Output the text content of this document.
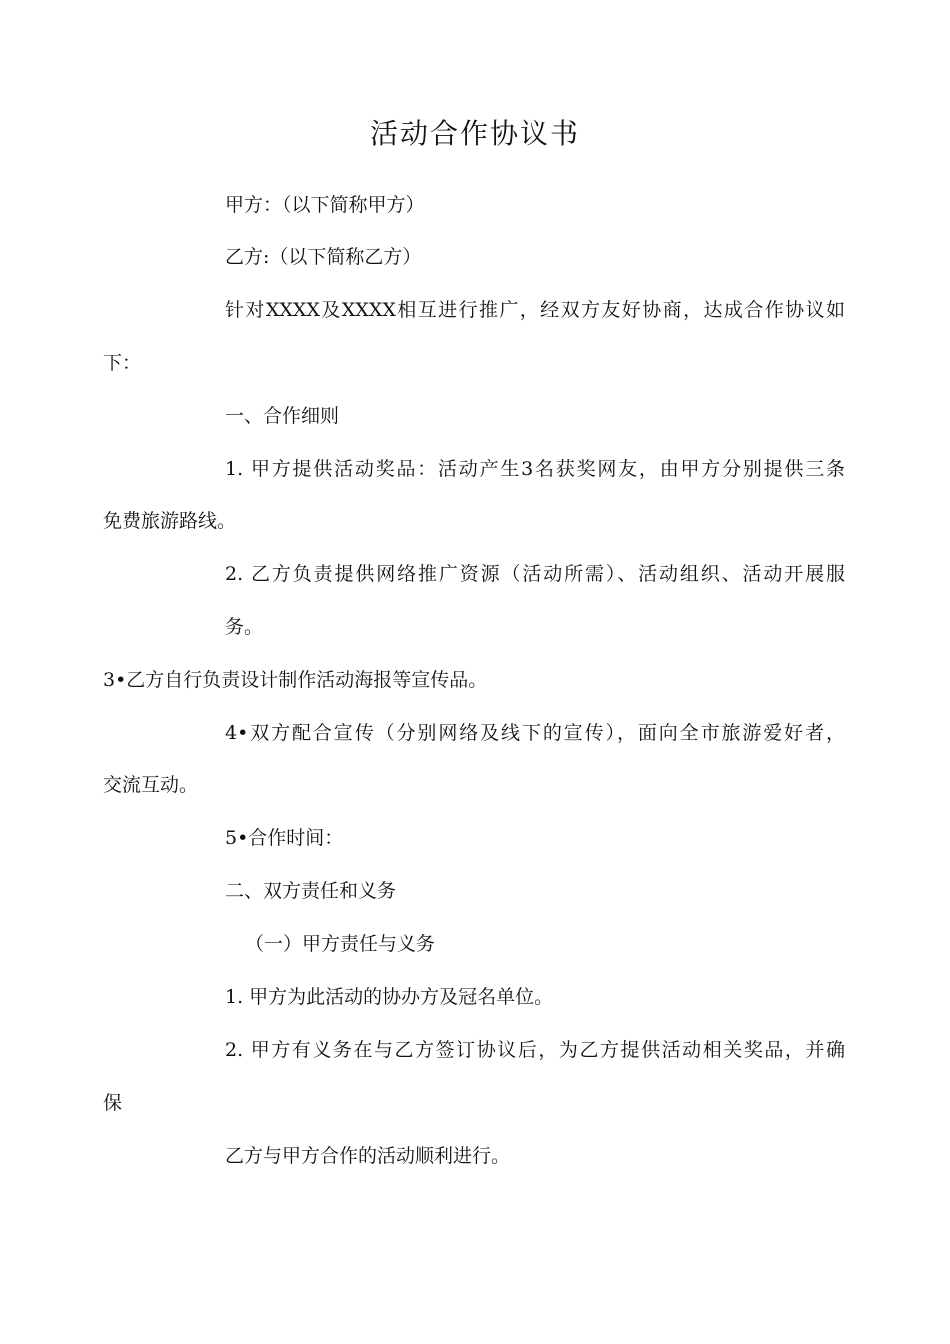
活动合作协议书
甲方：（以下简称甲方）
乙方:（以下简称乙方）
针对XXXX及XXXX相互进行推广，经双方友好协商，达成合作协议如
下：
一、合作细则
1. 甲方提供活动奖品：活动产生3名获奖网友，由甲方分别提供三条
免费旅游路线。
2. 乙方负责提供网络推广资源（活动所需）、活动组织、活动开展服
务。
3•乙方自行负责设计制作活动海报等宣传品。
4•双方配合宣传（分别网络及线下的宣传），面向全市旅游爱好者，
交流互动。
5•合作时间：
二、双方责任和义务
（一）甲方责任与义务
1. 甲方为此活动的协办方及冠名单位。
2. 甲方有义务在与乙方签订协议后，为乙方提供活动相关奖品，并确
保
乙方与甲方合作的活动顺利进行。
